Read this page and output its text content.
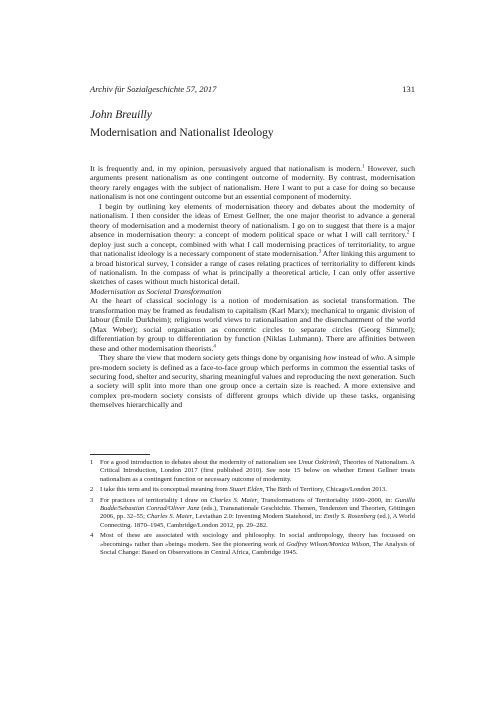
Archiv für Sozialgeschichte 57, 2017	131
John Breuilly
Modernisation and Nationalist Ideology

It is frequently and, in my opinion, persuasively argued that nationalism is modern.$^1$ However, such arguments present nationalism as one contingent outcome of modernity. By contrast, modernisation theory rarely engages with the subject of nationalism. Here I want to put a case for doing so because nationalism is not one contingent outcome but an essential component of modernity.

I begin by outlining key elements of modernisation theory and debates about the modernity of nationalism. I then consider the ideas of Ernest Gellner, the one major theorist to advance a general theory of modernisation and a modernist theory of nationalism. I go on to suggest that there is a major absence in modernisation theory: a concept of modern political space or what I will call territory.$^2$ I deploy just such a concept, combined with what I call modernising practices of territoriality, to argue that nationalist ideology is a necessary component of state modernisation.$^3$ After linking this argument to a broad historical survey, I consider a range of cases relating practices of territoriality to different kinds of nationalism. In the compass of what is principally a theoretical article, I can only offer assertive sketches of cases without much historical detail.

Modernisation as Societal Transformation

At the heart of classical sociology is a notion of modernisation as societal transformation. The transformation may be framed as feudalism to capitalism (Karl Marx); mechanical to organic division of labour (Émile Durkheim); religious world views to rationalisation and the disenchantment of the world (Max Weber); social organisation as concentric circles to separate circles (Georg Simmel); differentiation by group to differentiation by function (Niklas Luhmann). There are affinities between these and other modernisation theorists.$^4$

They share the view that modern society gets things done by organising how instead of who. A simple pre-modern society is defined as a face-to-face group which performs in common the essential tasks of securing food, shelter and security, sharing meaningful values and reproducing the next generation. Such a society will split into more than one group once a certain size is reached. A more extensive and complex pre-modern society consists of different groups which divide up these tasks, organising themselves hierarchically and

1 For a good introduction to debates about the modernity of nationalism see Umut Özkirimli, Theories of Nationalism. A Critical Introduction, London 2017 (first published 2010). See note 15 below on whether Ernest Gellner treats nationalism as a contingent function or necessary outcome of modernity.
2 I take this term and its conceptual meaning from Stuart Elden, The Birth of Territory, Chicago/London 2013.
3 For practices of territoriality I draw on Charles S. Maier, Transformations of Territoriality 1600–2000, in: Gunilla Budde/Sebastian Conrad/Oliver Janz (eds.), Transnationale Geschichte. Themen, Tendenzen und Theorien, Göttingen 2006, pp. 32–55; Charles S. Maier, Leviathan 2.0: Inventing Modern Statehood, in: Emily S. Rosenberg (ed.), A World Connecting. 1870–1945, Cambridge/London 2012, pp. 29–282.
4 Most of these are associated with sociology and philosophy. In social anthropology, theory has focussed on »becoming« rather than »being« modern. See the pioneering work of Godfrey Wilson/Monica Wilson, The Analysis of Social Change: Based on Observations in Central Africa, Cambridge 1945.
